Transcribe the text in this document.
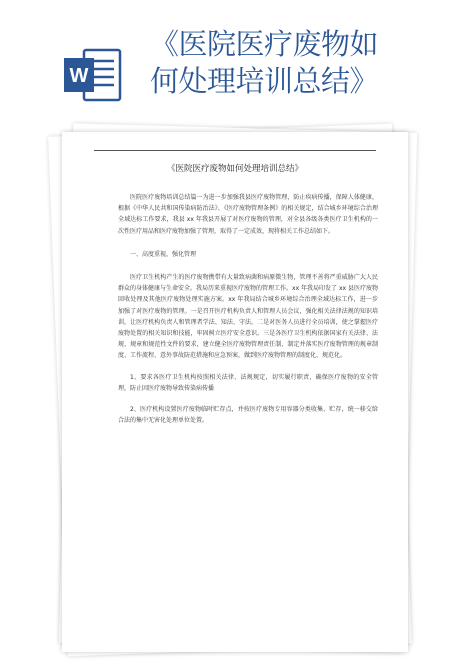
W
《医院医疗废物如
何处理培训总结》
《医院医疗废物如何处理培训总结》

医院医疗废物培训总结篇一为进一步加强我县医疗废物管理，防止疾病传播，保障人体健康，根据《中华人民共和国传染病防治法》、《医疗废物管理条例》的相关规定，结合城乡环境综合治理全域达标工作要求，我县 xx 年我县开展了对医疗废物的管理，对全县各级各类医疗卫生机构的一次性医疗用品和医疗废物加强了管理，取得了一定成效，现将相关工作总结如下。

一、高度重视，强化管理

医疗卫生机构产生的医疗废物携带有大量致病菌和病原微生物，管理不善将严重威胁广大人民群众的身体健康与生命安全。我局历来重视医疗废物的管理工作。xx 年我局印发了 xx 县医疗废物回收处理及其他医疗废物处理实施方案。xx 年我局结合城乡环境综合治理全域达标工作，进一步加强了对医疗废物的管理。一是召开医疗机构负责人和管理人员会议，强化相关法律法规的知识培训，让医疗机构负责人和管理者学法、知法、守法。二是对医务人员进行全员培训，使之掌握医疗废物处置的相关知识和技能，牢固树立医疗安全意识。三是各医疗卫生机构依据国家有关法律、法规、规章和规范性文件的要求，建立健全医疗废物管理责任制，制定并落实医疗废物管理的规章制度、工作流程、意外事故防范措施和应急预案，做到医疗废物管理的制度化、规范化。

1、要求各医疗卫生机构按照相关法律、法规规定，切实履行职责，确保医疗废物的安全管理，防止因医疗废物导致传染病传播

2、医疗机构设置医疗废物临时贮存点，并按医疗废物专用容器分类收集、贮存，统一移交给合法的集中无害化处理单位处置。
